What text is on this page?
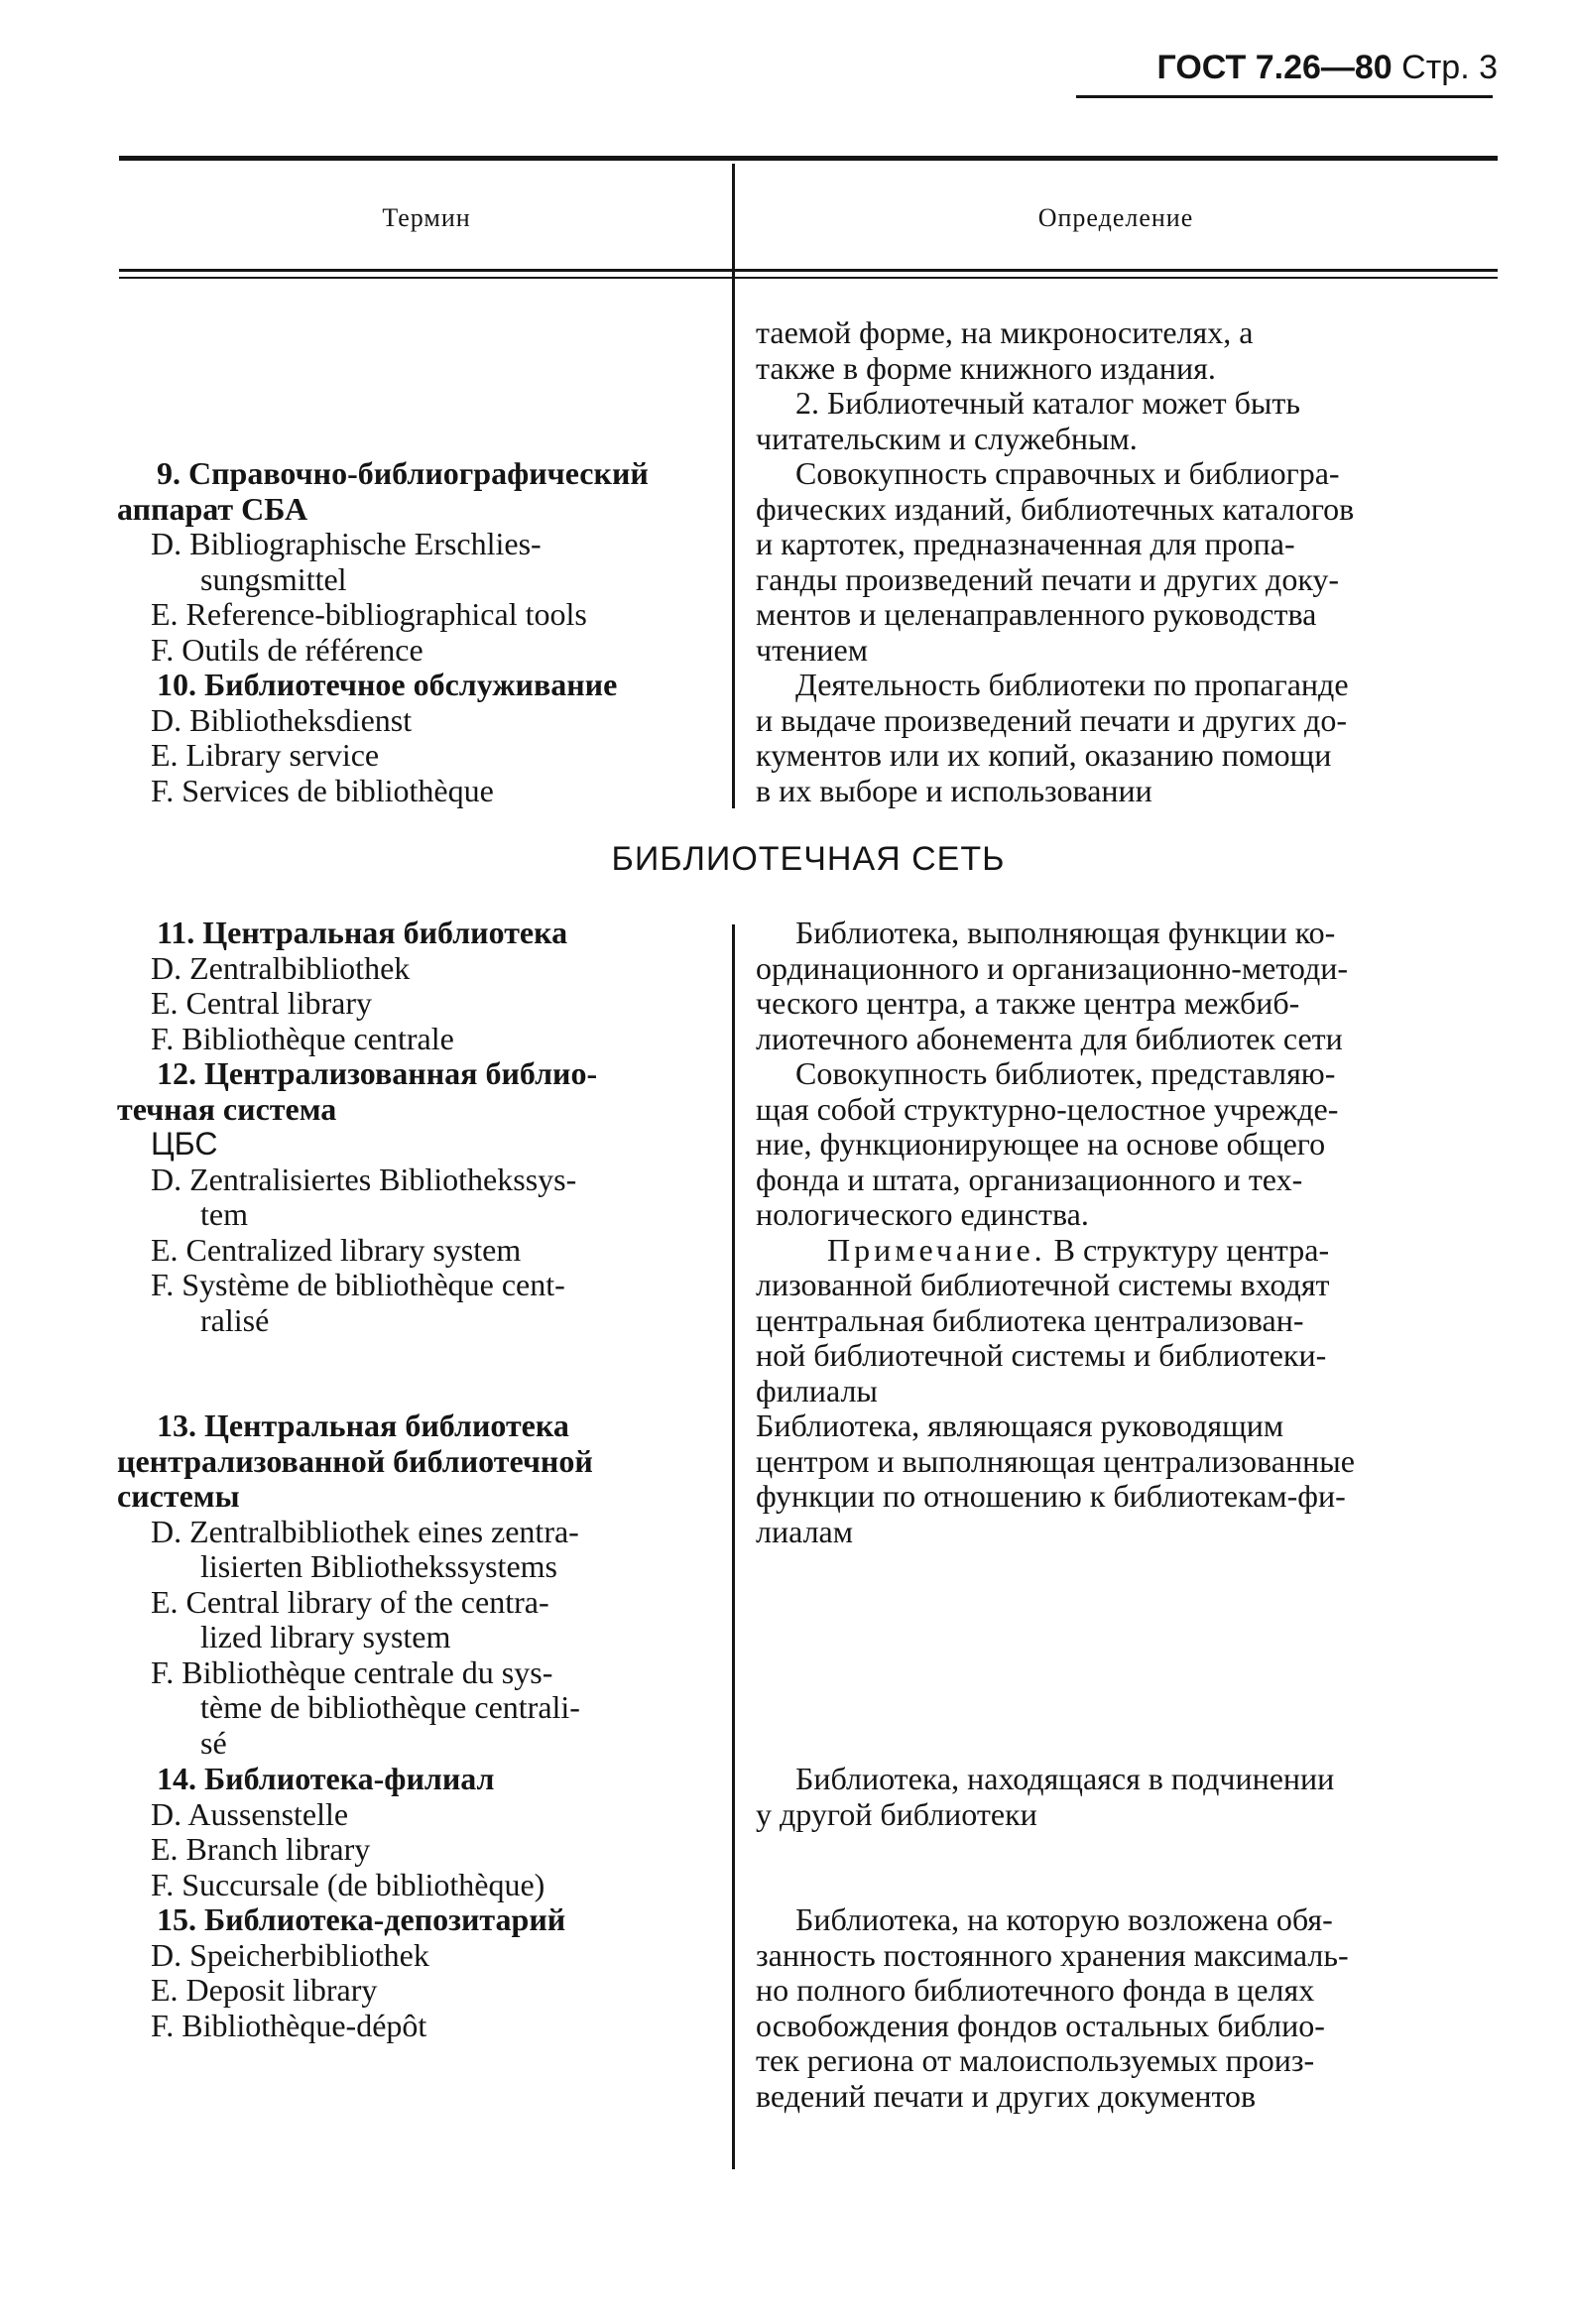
ГОСТ 7.26—80 Стр. 3
Термин	Определение
таемой форме, на микроносителях, а
также в форме книжного издания.
2. Библиотечный каталог может быть
читательским и служебным.
9. Справочно-библиографический
аппарат СБА
D. Bibliographische Erschlies-
sungsmittel
E. Reference-bibliographical tools
F. Outils de référence
Совокупность справочных и библиогра-
фических изданий, библиотечных каталогов
и картотек, предназначенная для пропа-
ганды произведений печати и других доку-
ментов и целенаправленного руководства
чтением
10. Библиотечное обслуживание
D. Bibliotheksdienst
E. Library service
F. Services de bibliothèque
Деятельность библиотеки по пропаганде
и выдаче произведений печати и других до-
кументов или их копий, оказанию помощи
в их выборе и использовании
БИБЛИОТЕЧНАЯ СЕТЬ
11. Центральная библиотека
D. Zentralbibliothek
E. Central library
F. Bibliothèque centrale
Библиотека, выполняющая функции ко-
ординационного и организационно-методи-
ческого центра, а также центра межбиб-
лиотечного абонемента для библиотек сети
12. Централизованная библио-
течная система
ЦБС
D. Zentralisiertes Bibliothekssys-
tem
E. Centralized library system
F. Système de bibliothèque cent-
ralisé
Совокупность библиотек, представляю-
щая собой структурно-целостное учрежде-
ние, функционирующее на основе общего
фонда и штата, организационного и тех-
нологического единства.
Примечание. В структуру центра-
лизованной библиотечной системы входят
центральная библиотека централизован-
ной библиотечной системы и библиотеки-
филиалы
13. Центральная библиотека
централизованной библиотечной
системы
D. Zentralbibliothek eines zentra-
lisierten Bibliothekssystems
E. Central library of the centra-
lized library system
F. Bibliothèque centrale du sys-
tème de bibliothèque centrali-
sé
Библиотека, являющаяся руководящим
центром и выполняющая централизованные
функции по отношению к библиотекам-фи-
лиалам
14. Библиотека-филиал
D. Aussenstelle
E. Branch library
F. Succursale (de bibliothèque)
Библиотека, находящаяся в подчинении
у другой библиотеки
15. Библиотека-депозитарий
D. Speicherbibliothek
E. Deposit library
F. Bibliothèque-dépôt
Библиотека, на которую возложена обя-
занность постоянного хранения максималь-
но полного библиотечного фонда в целях
освобождения фондов остальных библио-
тек региона от малоиспользуемых произ-
ведений печати и других документов
